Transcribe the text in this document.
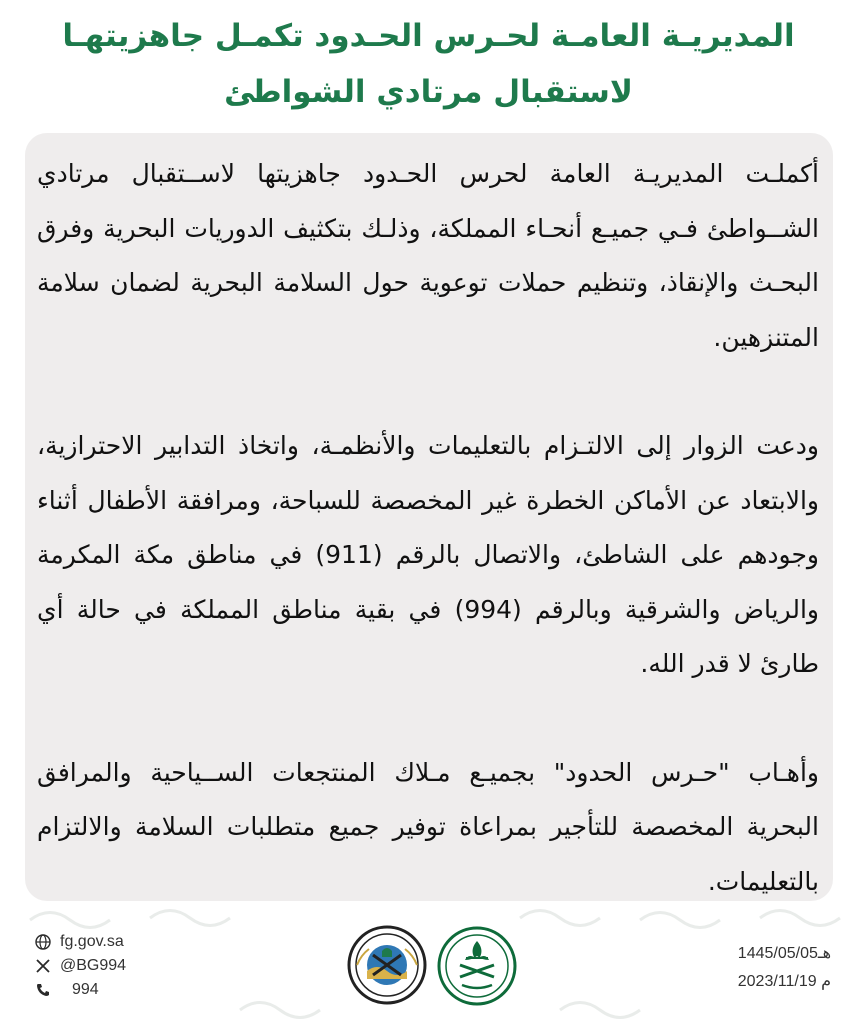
المديريـة العامـة لحـرس الحـدود تكمـل جاهزيتهـا
لاستقبال مرتادي الشواطئ

أكملـت المديريـة العامة لحرس الحـدود جاهزيتها لاســتقبال مرتادي الشــواطئ فـي جميـع أنحـاء المملكة، وذلـك بتكثيف الدوريات البحرية وفرق البحـث والإنقاذ، وتنظيم حملات توعوية حول السلامة البحرية لضمان سلامة المتنزهين.

ودعت الزوار إلى الالتـزام بالتعليمات والأنظمـة، واتخاذ التدابير الاحترازية، والابتعاد عن الأماكن الخطرة غير المخصصة للسباحة، ومرافقة الأطفال أثناء وجودهم على الشاطئ، والاتصال بالرقم (911) في مناطق مكة المكرمة والرياض والشرقية وبالرقم (994) في بقية مناطق المملكة في حالة أي طارئ لا قدر الله.

وأهـاب "حـرس الحدود" بجميـع مـلاك المنتجعات الســياحية والمرافق البحرية المخصصة للتأجير بمراعاة توفير جميع متطلبات السلامة والالتزام بالتعليمات.

fg.gov.sa
@BG994
994
1445/05/05هـ
2023/11/19 م
